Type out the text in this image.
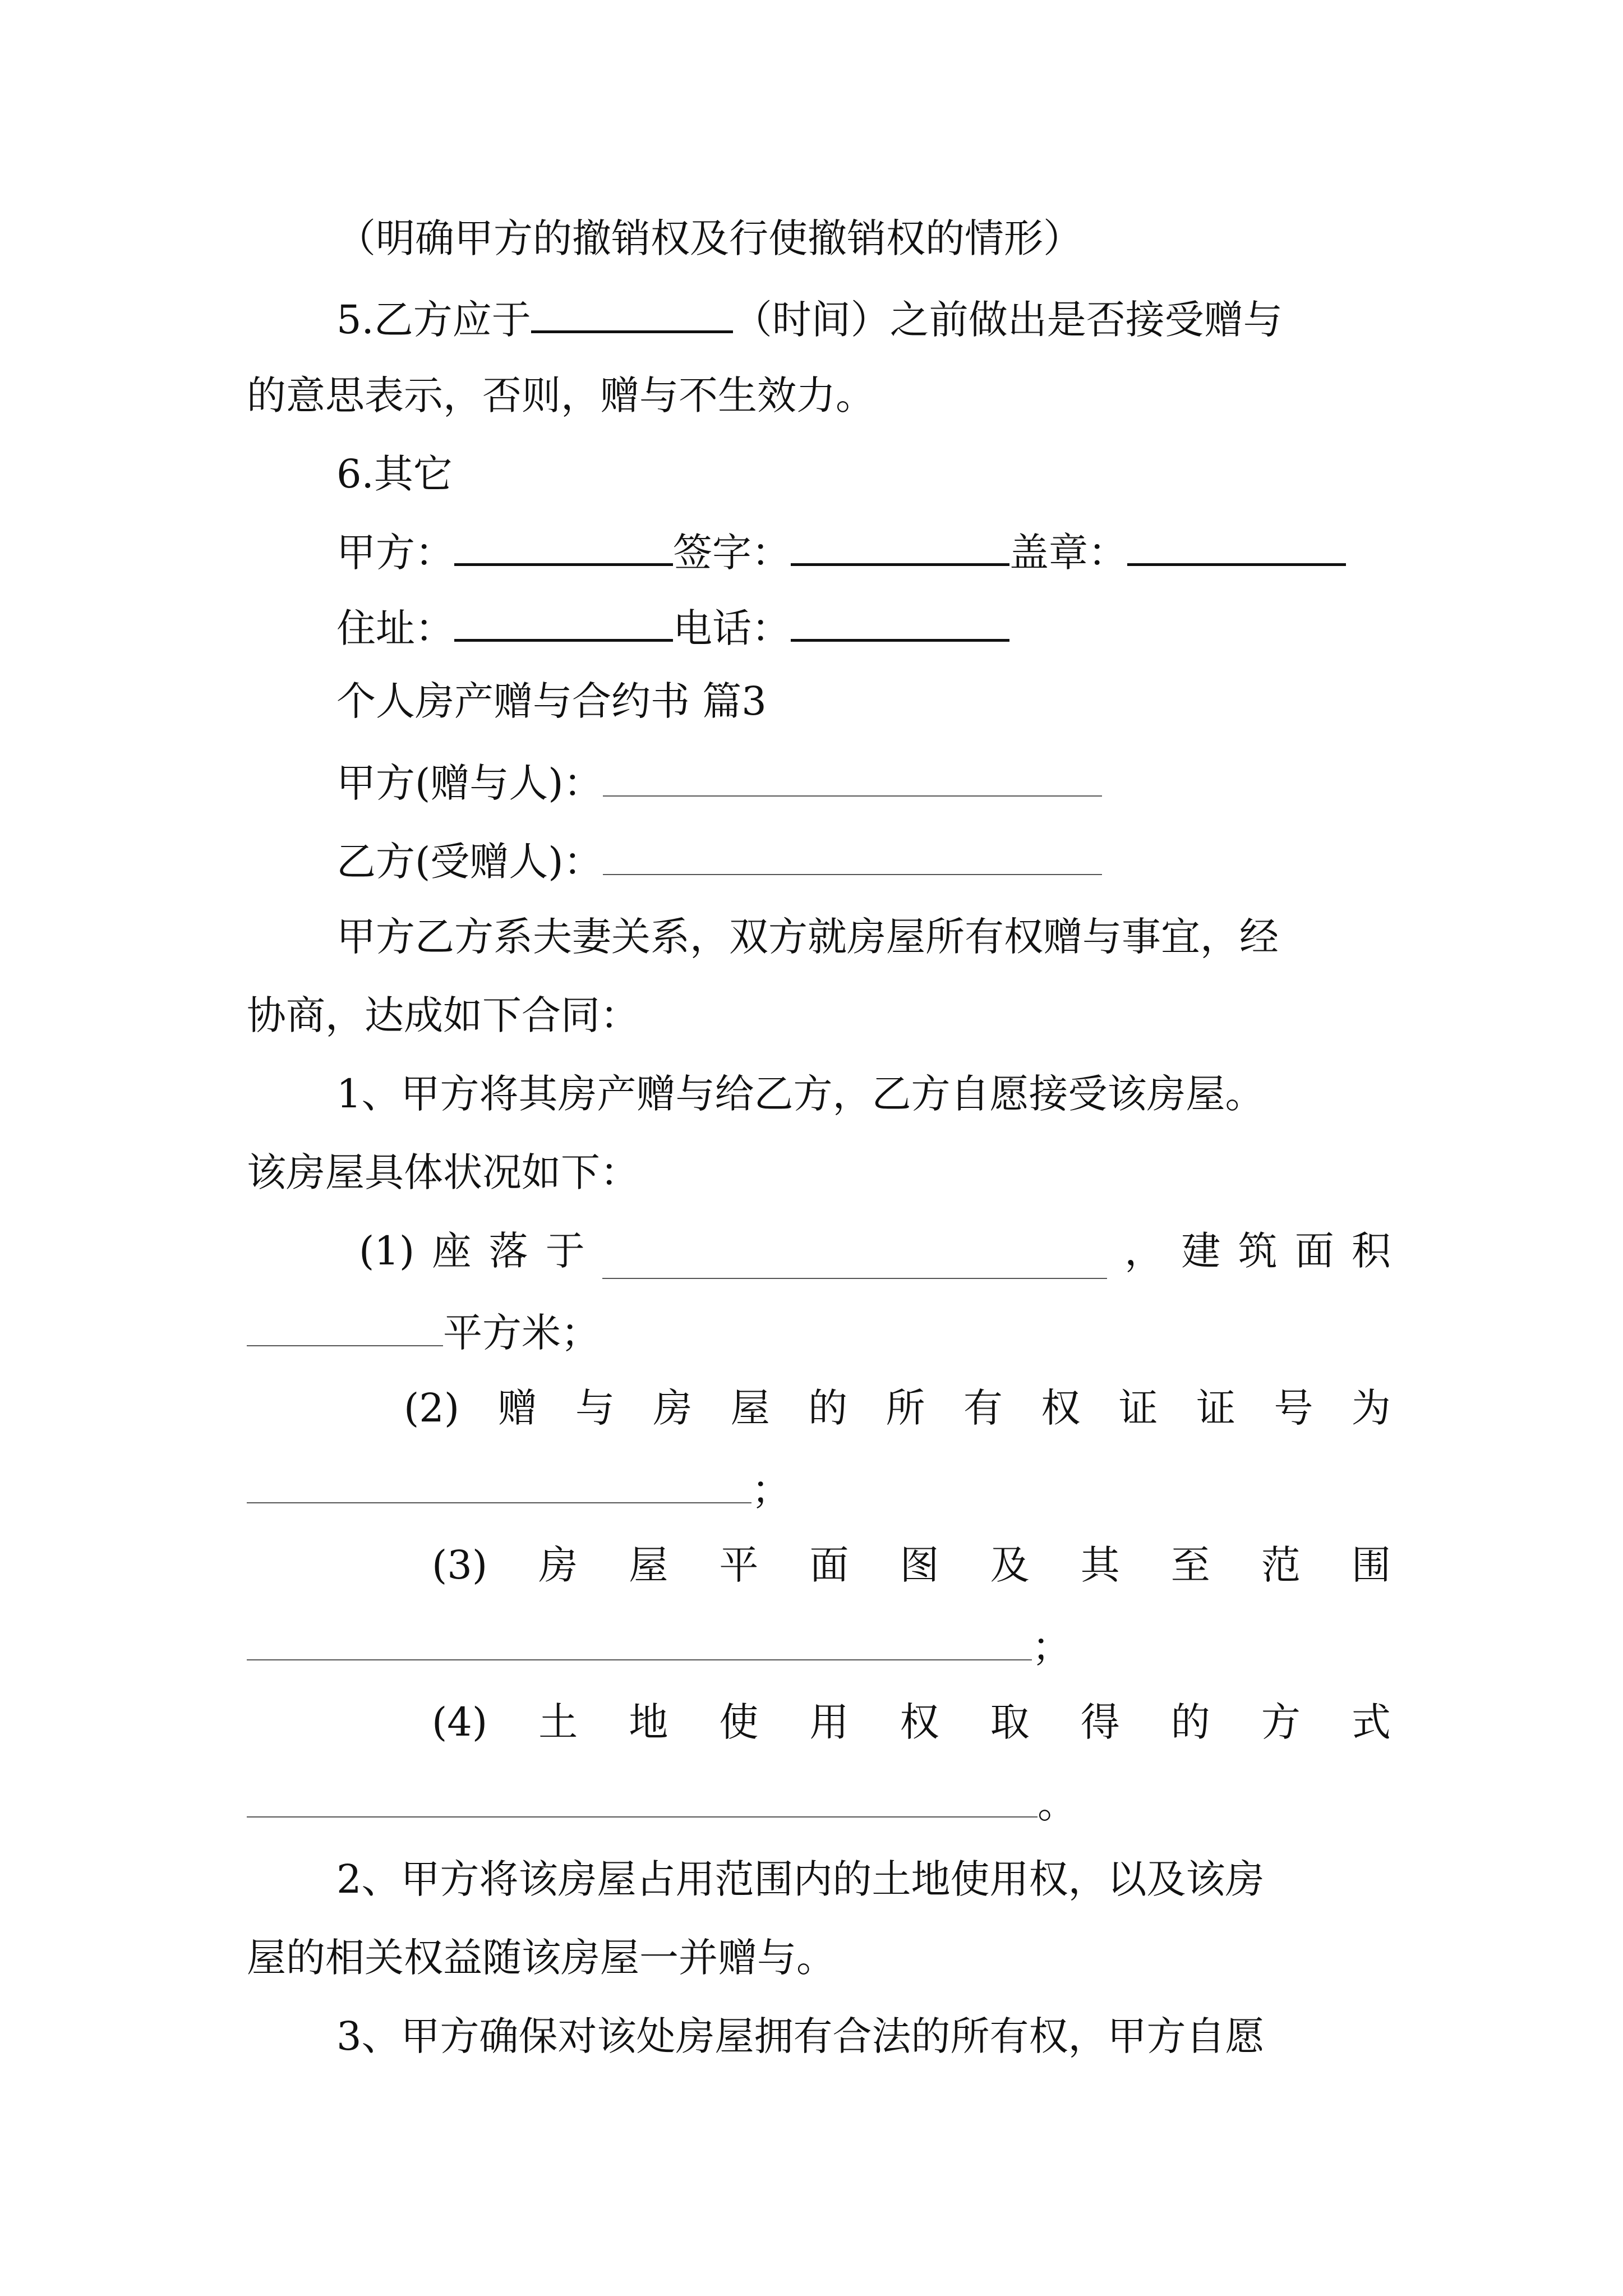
（明确甲方的撤销权及行使撤销权的情形）
5.乙方应于	（时间）之前做出是否接受赠与
的意思表示，否则，赠与不生效力。
6.其它
甲方：	签字：	盖章：
住址：	电话：
个人房产赠与合约书 篇3
甲方(赠与人)：
乙方(受赠人)：
甲方乙方系夫妻关系，双方就房屋所有权赠与事宜，经
协商，达成如下合同：
1、甲方将其房产赠与给乙方，乙方自愿接受该房屋。
该房屋具体状况如下：
(1) 座 落 于	， 建 筑 面 积
平方米；
(2) 赠 与 房 屋 的 所 有 权 证 证 号 为
；
(3) 房 屋 平 面 图 及 其 至 范 围
；
(4) 土 地 使 用 权 取 得 的 方 式
。
2、甲方将该房屋占用范围内的土地使用权，以及该房
屋的相关权益随该房屋一并赠与。
3、甲方确保对该处房屋拥有合法的所有权，甲方自愿
